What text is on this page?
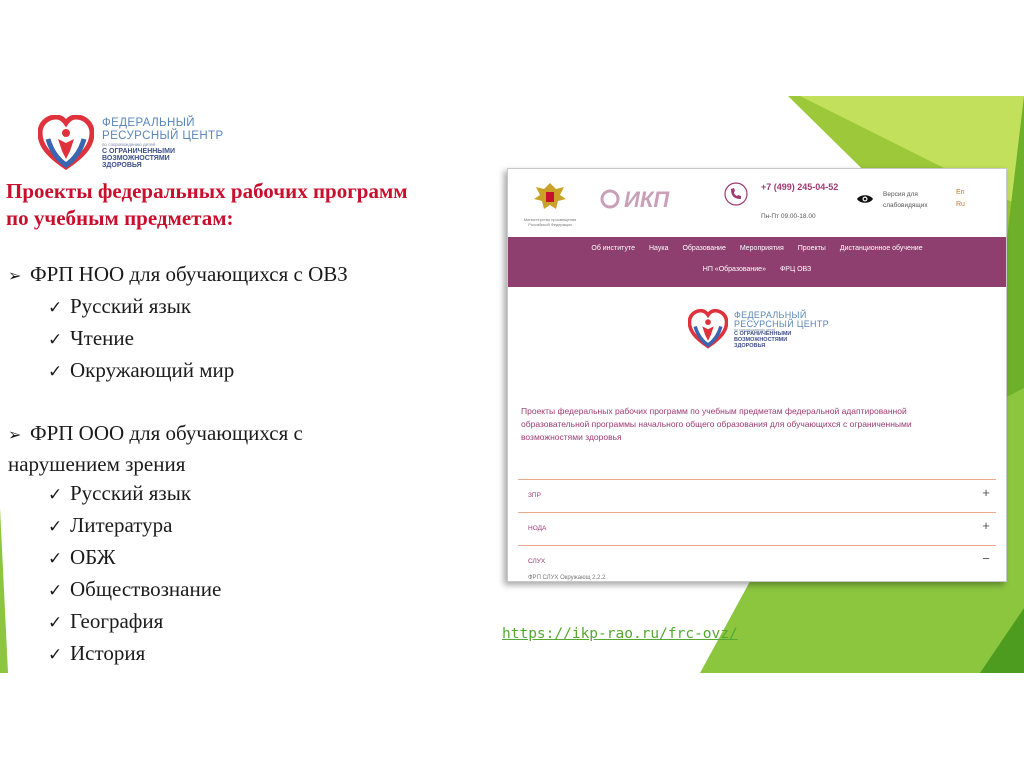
ФЕДЕРАЛЬНЫЙ
РЕСУРСНЫЙ ЦЕНТР
по сопровождению детей
С ОГРАНИЧЕННЫМИ
ВОЗМОЖНОСТЯМИ
ЗДОРОВЬЯ
Проекты федеральных рабочих программ
по учебным предметам:
➢ ФРП НОО для обучающихся с ОВЗ
✓ Русский язык
✓ Чтение
✓ Окружающий мир
➢ ФРП ООО для обучающихся с нарушением зрения
✓ Русский язык
✓ Литература
✓ ОБЖ
✓ Обществознание
✓ География
✓ История
Министерство просвещения Российской Федерации
ИКП	+7 (499) 245-04-52
Пн-Пт 09.00-18.00
Версия для слабовидящих
En
Ru
Об институте Наука Образование Мероприятия Проекты Дистанционное обучение
НП «Образование» ФРЦ ОВЗ
ФЕДЕРАЛЬНЫЙ
РЕСУРСНЫЙ ЦЕНТР
по сопровождению детей
С ОГРАНИЧЕННЫМИ
ВОЗМОЖНОСТЯМИ
ЗДОРОВЬЯ
Проекты федеральных рабочих программ по учебным предметам федеральной адаптированной образовательной программы начального общего образования для обучающихся с ограниченными возможностями здоровья
ЗПР	+
НОДА	+
СЛУХ	−
ФРП СЛУХ Окружающ 2.2.2
https://ikp-rao.ru/frc-ovz/
